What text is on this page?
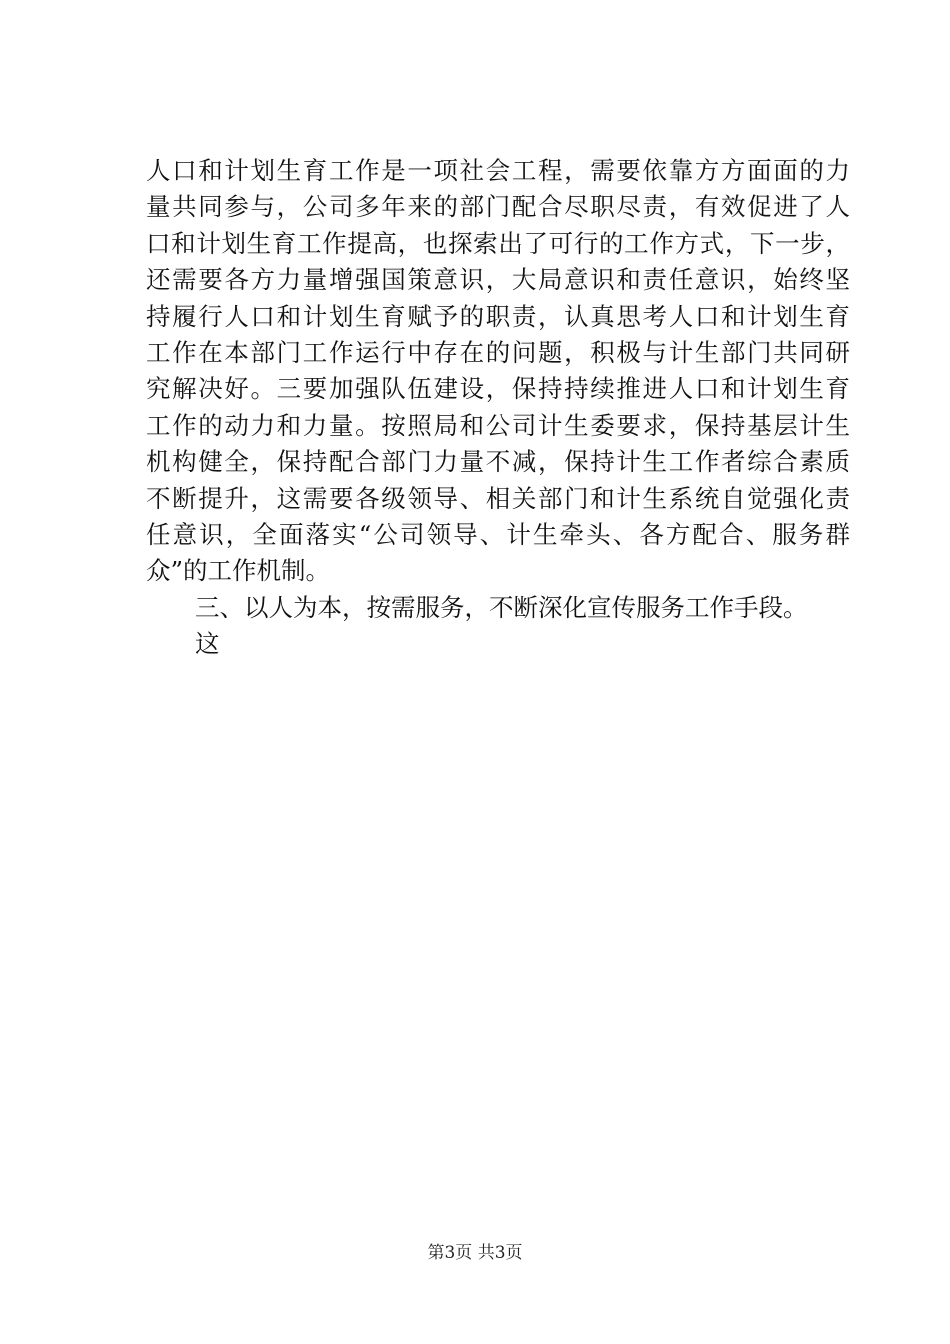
人口和计划生育工作是一项社会工程，需要依靠方方面面的力
量共同参与，公司多年来的部门配合尽职尽责，有效促进了人
口和计划生育工作提高，也探索出了可行的工作方式，下一步，
还需要各方力量增强国策意识，大局意识和责任意识，始终坚
持履行人口和计划生育赋予的职责，认真思考人口和计划生育
工作在本部门工作运行中存在的问题，积极与计生部门共同研
究解决好。三要加强队伍建设，保持持续推进人口和计划生育
工作的动力和力量。按照局和公司计生委要求，保持基层计生
机构健全，保持配合部门力量不减，保持计生工作者综合素质
不断提升，这需要各级领导、相关部门和计生系统自觉强化责
任意识，全面落实“公司领导、计生牵头、各方配合、服务群
众”的工作机制。
三、以人为本，按需服务，不断深化宣传服务工作手段。
这
第3页 共3页
